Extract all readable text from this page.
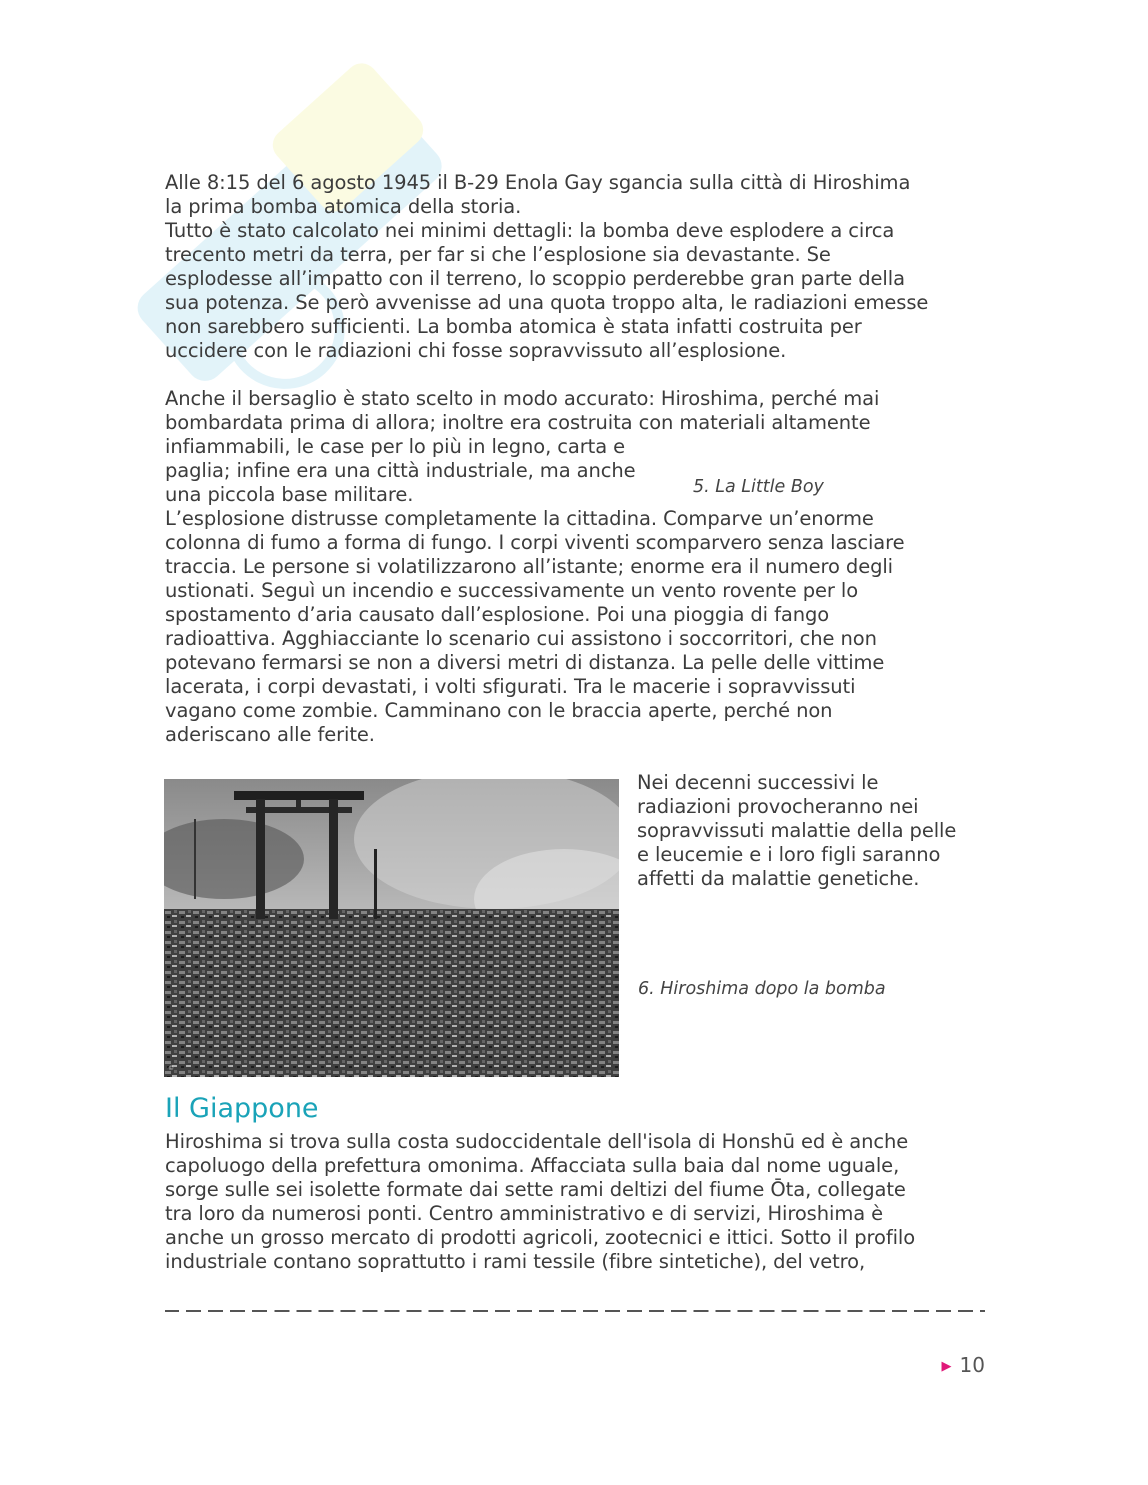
Alle 8:15 del 6 agosto 1945 il B-29 Enola Gay sgancia sulla città di Hiroshima
la prima bomba atomica della storia.
Tutto è stato calcolato nei minimi dettagli: la bomba deve esplodere a circa
trecento metri da terra, per far si che l’esplosione sia devastante. Se
esplodesse all’impatto con il terreno, lo scoppio perderebbe gran parte della
sua potenza. Se però avvenisse ad una quota troppo alta, le radiazioni emesse
non sarebbero sufficienti. La bomba atomica è stata infatti costruita per
uccidere con le radiazioni chi fosse sopravvissuto all’esplosione.

Anche il bersaglio è stato scelto in modo accurato: Hiroshima, perché mai
bombardata prima di allora; inoltre era costruita con materiali altamente
infiammabili, le case per lo più in legno, carta e
paglia; infine era una città industriale, ma anche
una piccola base militare.
L’esplosione distrusse completamente la cittadina. Comparve un’enorme
colonna di fumo a forma di fungo. I corpi viventi scomparvero senza lasciare
traccia. Le persone si volatilizzarono all’istante; enorme era il numero degli
ustionati. Seguì un incendio e successivamente un vento rovente per lo
spostamento d’aria causato dall’esplosione. Poi una pioggia di fango
radioattiva. Agghiacciante lo scenario cui assistono i soccorritori, che non
potevano fermarsi se non a diversi metri di distanza. La pelle delle vittime
lacerata, i corpi devastati, i volti sfigurati. Tra le macerie i sopravvissuti
vagano come zombie. Camminano con le braccia aperte, perché non
aderiscano alle ferite.

5. La Little Boy
©

Nei decenni successivi le
radiazioni provocheranno nei
sopravvissuti malattie della pelle
e leucemie e i loro figli saranno
affetti da malattie genetiche.

6. Hiroshima dopo la bomba
Il Giappone

Hiroshima si trova sulla costa sudoccidentale dell'isola di Honshū ed è anche
capoluogo della prefettura omonima. Affacciata sulla baia dal nome uguale,
sorge sulle sei isolette formate dai sette rami deltizi del fiume Ōta, collegate
tra loro da numerosi ponti. Centro amministrativo e di servizi, Hiroshima è
anche un grosso mercato di prodotti agricoli, zootecnici e ittici. Sotto il profilo
industriale contano soprattutto i rami tessile (fibre sintetiche), del vetro,

▶ 10
